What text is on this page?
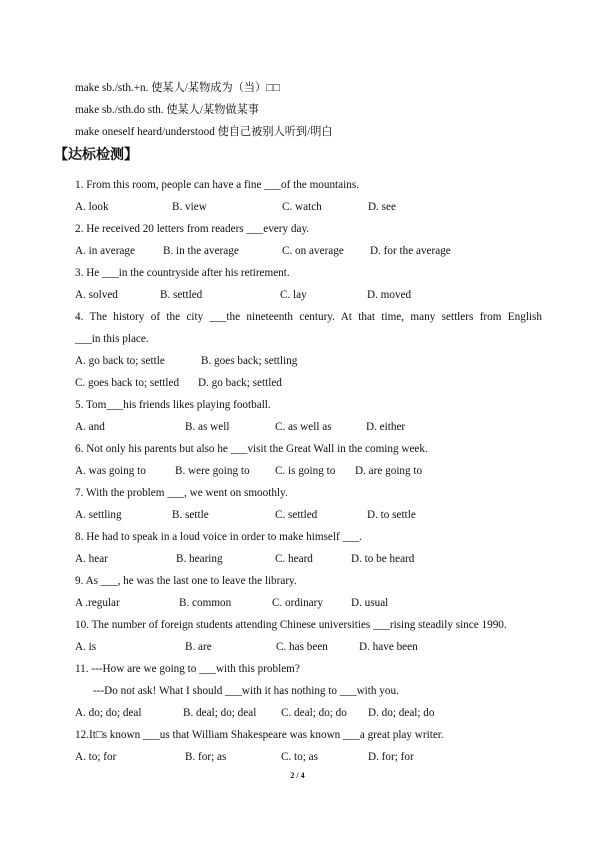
make sb./sth.+n. 使某人/某物成为（当）□□
make sb./sth.do sth. 使某人/某物做某事
make oneself heard/understood 使自己被别人听到/明白
【达标检测】
1. From this room, people can have a fine ___of the mountains.
A. look	B. view	C. watch	D. see
2. He received 20 letters from readers ___every day.
A. in average	B. in the average	C. on average D. for the average
3. He ___in the countryside after his retirement.
A. solved	B. settled	C. lay	D. moved
4. The history of the city ___the nineteenth century. At that time, many settlers from English
___in this place.
A. go back to; settle	B. goes back; settling
C. goes back to; settled D. go back; settled
5. Tom___his friends likes playing football.
A. and	B. as well	C. as well as	D. either
6. Not only his parents but also he ___visit the Great Wall in the coming week.
A. was going to	B. were going to C. is going to D. are going to
7. With the problem ___, we went on smoothly.
A. settling	B. settle	C. settled	D. to settle
8. He had to speak in a loud voice in order to make himself ___.
A. hear	B. hearing	C. heard	D. to be heard
9. As ___, he was the last one to leave the library.
A .regular	B. common	C. ordinary	D. usual
10. The number of foreign students attending Chinese universities ___rising steadily since 1990.
A. is	B. are	C. has been	D. have been
11. ---How are we going to ___with this problem?
---Do not ask! What I should ___with it has nothing to ___with you.
A. do; do; deal	B. deal; do; deal C. deal; do; do D. do; deal; do
12.It□s known ___us that William Shakespeare was known ___a great play writer.
A. to; for	B. for; as	C. to; as	D. for; for
2 / 4
